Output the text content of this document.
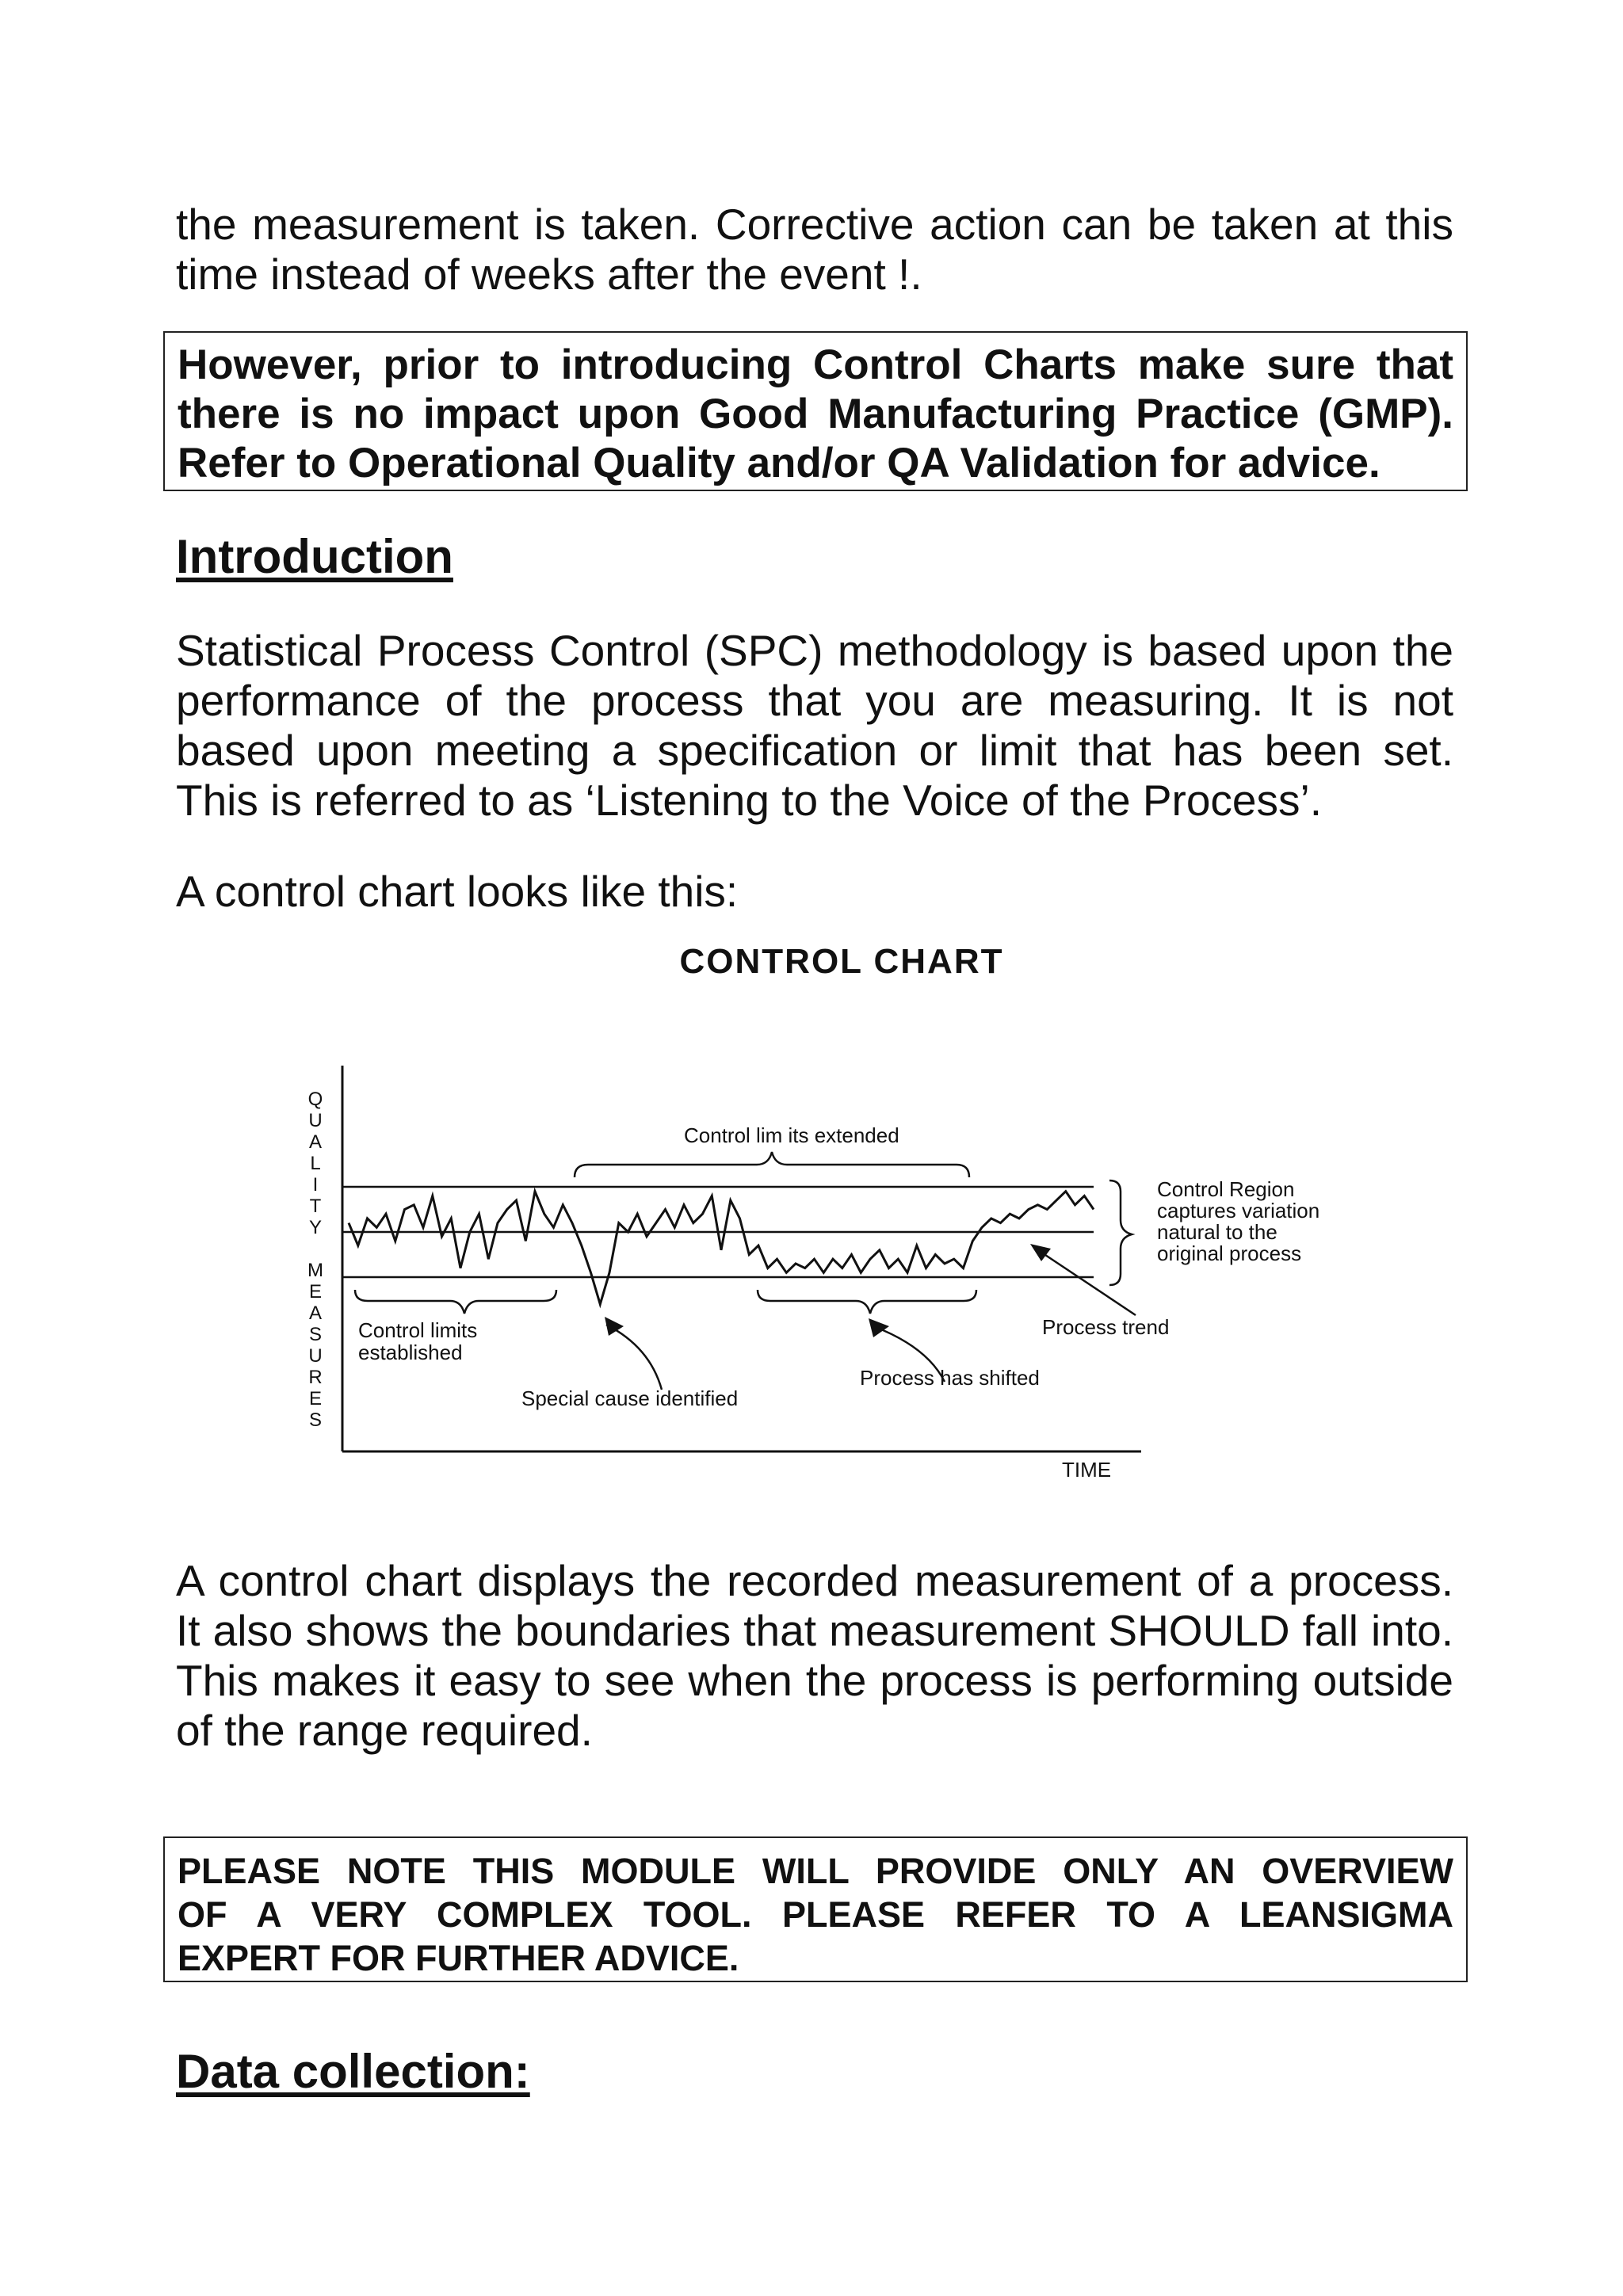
the measurement is taken. Corrective action can be taken at this
time instead of weeks after the event !.

However, prior to introducing Control Charts make sure that
there is no impact upon Good Manufacturing Practice (GMP).
Refer to Operational Quality and/or QA Validation for advice.
Introduction

Statistical Process Control (SPC) methodology is based upon the
performance of the process that you are measuring. It is not
based upon meeting a specification or limit that has been set.
This is referred to as ‘Listening to the Voice of the Process’.

A control chart looks like this:

CONTROL CHART
Q
U
A
L
I
T
Y
M
E
A
S
U
R
E
S
TIME
Control lim its extended
Control Region
captures variation
natural to the
original process
Control limits
established
Special cause identified
Process has shifted
Process trend

A control chart displays the recorded measurement of a process.
It also shows the boundaries that measurement SHOULD fall into.
This makes it easy to see when the process is performing outside
of the range required.

PLEASE NOTE THIS MODULE WILL PROVIDE ONLY AN OVERVIEW
OF A VERY COMPLEX TOOL. PLEASE REFER TO A LEANSIGMA
EXPERT FOR FURTHER ADVICE.
Data collection:
